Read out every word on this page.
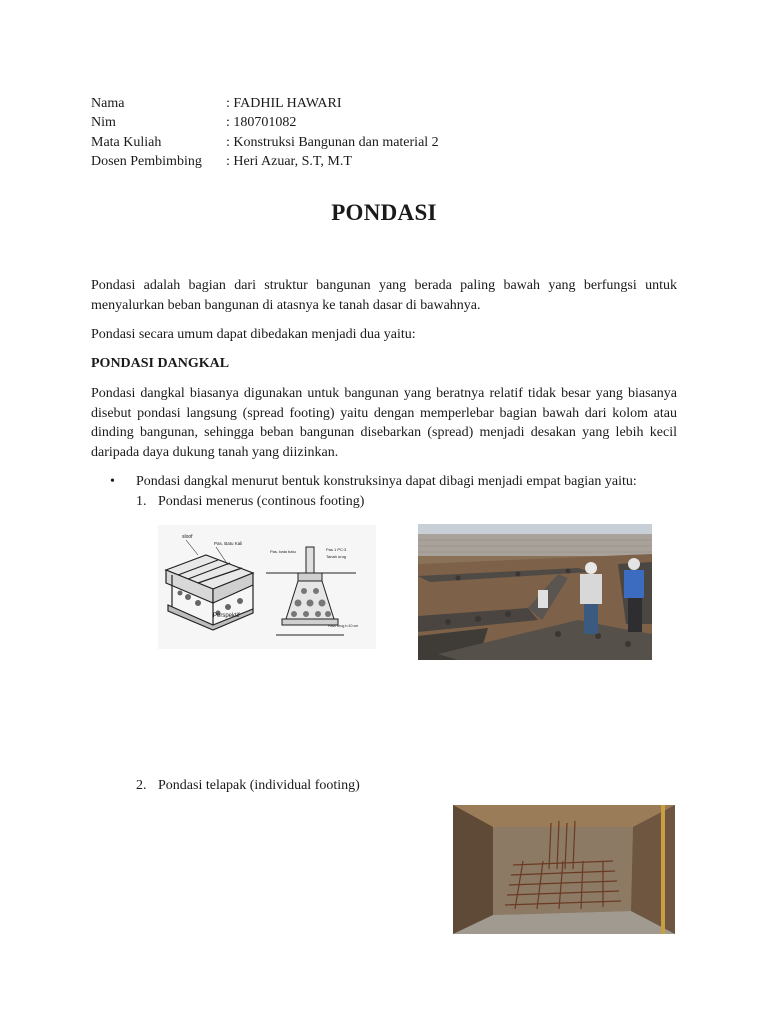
Nama	: FADHIL HAWARI
Nim	: 180701082
Mata Kuliah	: Konstruksi Bangunan dan material 2
Dosen Pembimbing	: Heri Azuar, S.T, M.T
PONDASI

Pondasi adalah bagian dari struktur bangunan yang berada paling bawah yang berfungsi untuk menyalurkan beban bangunan di atasnya ke tanah dasar di bawahnya.

Pondasi secara umum dapat dibedakan menjadi dua yaitu:

PONDASI DANGKAL

Pondasi dangkal biasanya digunakan untuk bangunan yang beratnya relatif tidak besar yang biasanya disebut pondasi langsung (spread footing) yaitu dengan memperlebar bagian bawah dari kolom atau dinding bangunan, sehingga beban bangunan disebarkan (spread) menjadi desakan yang lebih kecil daripada daya dukung tanah yang diizinkan.

• Pondasi dangkal menurut bentuk konstruksinya dapat dibagi menjadi empat bagian yaitu:
1. Pondasi menerus (continous footing)
sloof
Pas. Batu Kali
Perspektif
Pas. bata batu	Pas 1 PC:3
Tanah urug
Pasir urug t=10 cm
2. Pondasi telapak (individual footing)
